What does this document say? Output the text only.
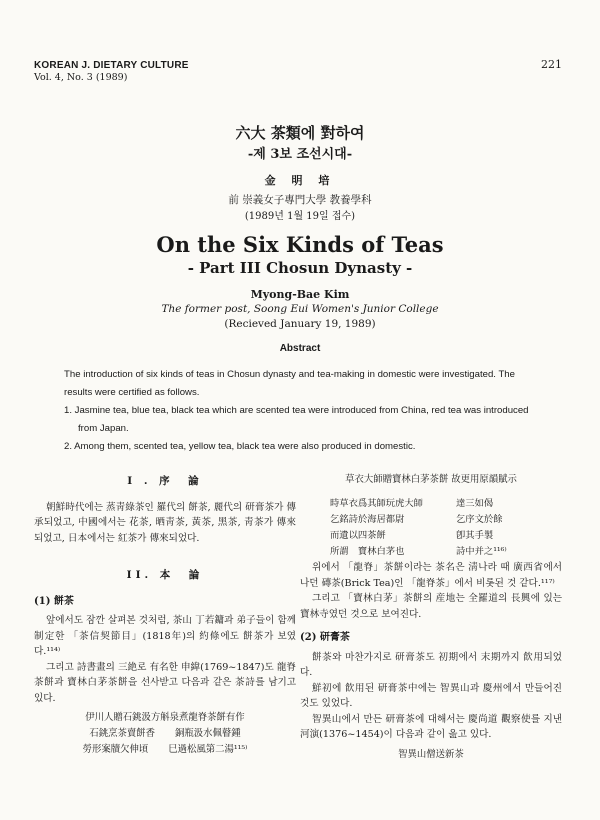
KOREAN J. DIETARY CULTURE
Vol. 4, No. 3 (1989)
221
六大 茶類에 對하여
-제 3보 조선시대-
金 明 培
前 崇義女子專門大學 教養學科
(1989년 1월 19일 접수)
On the Six Kinds of Teas
- Part III Chosun Dynasty -
Myong-Bae Kim
The former post, Soong Eui Women's Junior College
(Recieved January 19, 1989)
Abstract

The introduction of six kinds of teas in Chosun dynasty and tea-making in domestic were investigated. The results were certified as follows.

1. Jasmine tea, blue tea, black tea which are scented tea were introduced from China, red tea was introduced from Japan.

2. Among them, scented tea, yellow tea, black tea were also produced in domestic.

I . 序　論

朝鮮時代에는 蒸靑綠茶인 羅代의 餅茶, 麗代의 研膏茶가 傳承되었고, 中國에서는 花茶, 晒靑茶, 黃茶, 黑茶, 靑茶가 傳來되었고, 日本에서는 紅茶가 傳來되었다.

II. 本　論
(1) 餅茶

앞에서도 잠깐 살펴본 것처럼, 茶山 丁若鏞과 弟子들이 함께 制定한 「茶信契節目」(1818年)의 約條에도 餅茶가 보였다.¹¹⁴⁾

그리고 詩書畫의 三絶로 有名한 申緯(1769~1847)도 龍脊茶餅과 寶林白茅茶餅을 선사받고 다음과 같은 茶詩를 남기고 있다.

伊川人贈石銚汲方斛泉煮龍脊茶餅有作
石銚烹茶賣餅香 銅瓶汲水佩瞽鍾
勞形案牘欠伸頃 巳過松風第二湯¹¹⁵⁾
草衣大師贈寶林白茅茶餅 故更用原韻賦示
時草衣爲其師玩虎大師	達三如偈
乞銘詩於海居都尉	乞序文於餘
而遺以四茶餅	卽其手製
所謂　寶林白茅也	詩中并之¹¹⁶⁾

위에서 「龍脊」茶餅이라는 茶名은 淸나라 때 廣西省에서 나던 磚茶(Brick Tea)인 「龍脊茶」에서 비롯된 것 같다.¹¹⁷⁾

그리고 「寶林白茅」茶餅의 産地는 全羅道의 長興에 있는 寶林寺였던 것으로 보여진다.

(2) 研膏茶

餅茶와 마찬가지로 研膏茶도 初期에서 末期까지 飮用되었다.

鮮初에 飮用된 研膏茶中에는 智異山과 慶州에서 만들어진 것도 있었다.

智異山에서 만든 研膏茶에 대해서는 慶尚道 觀察使를 지낸 河演(1376~1454)이 다음과 같이 읊고 있다.

智異山僧送新茶
